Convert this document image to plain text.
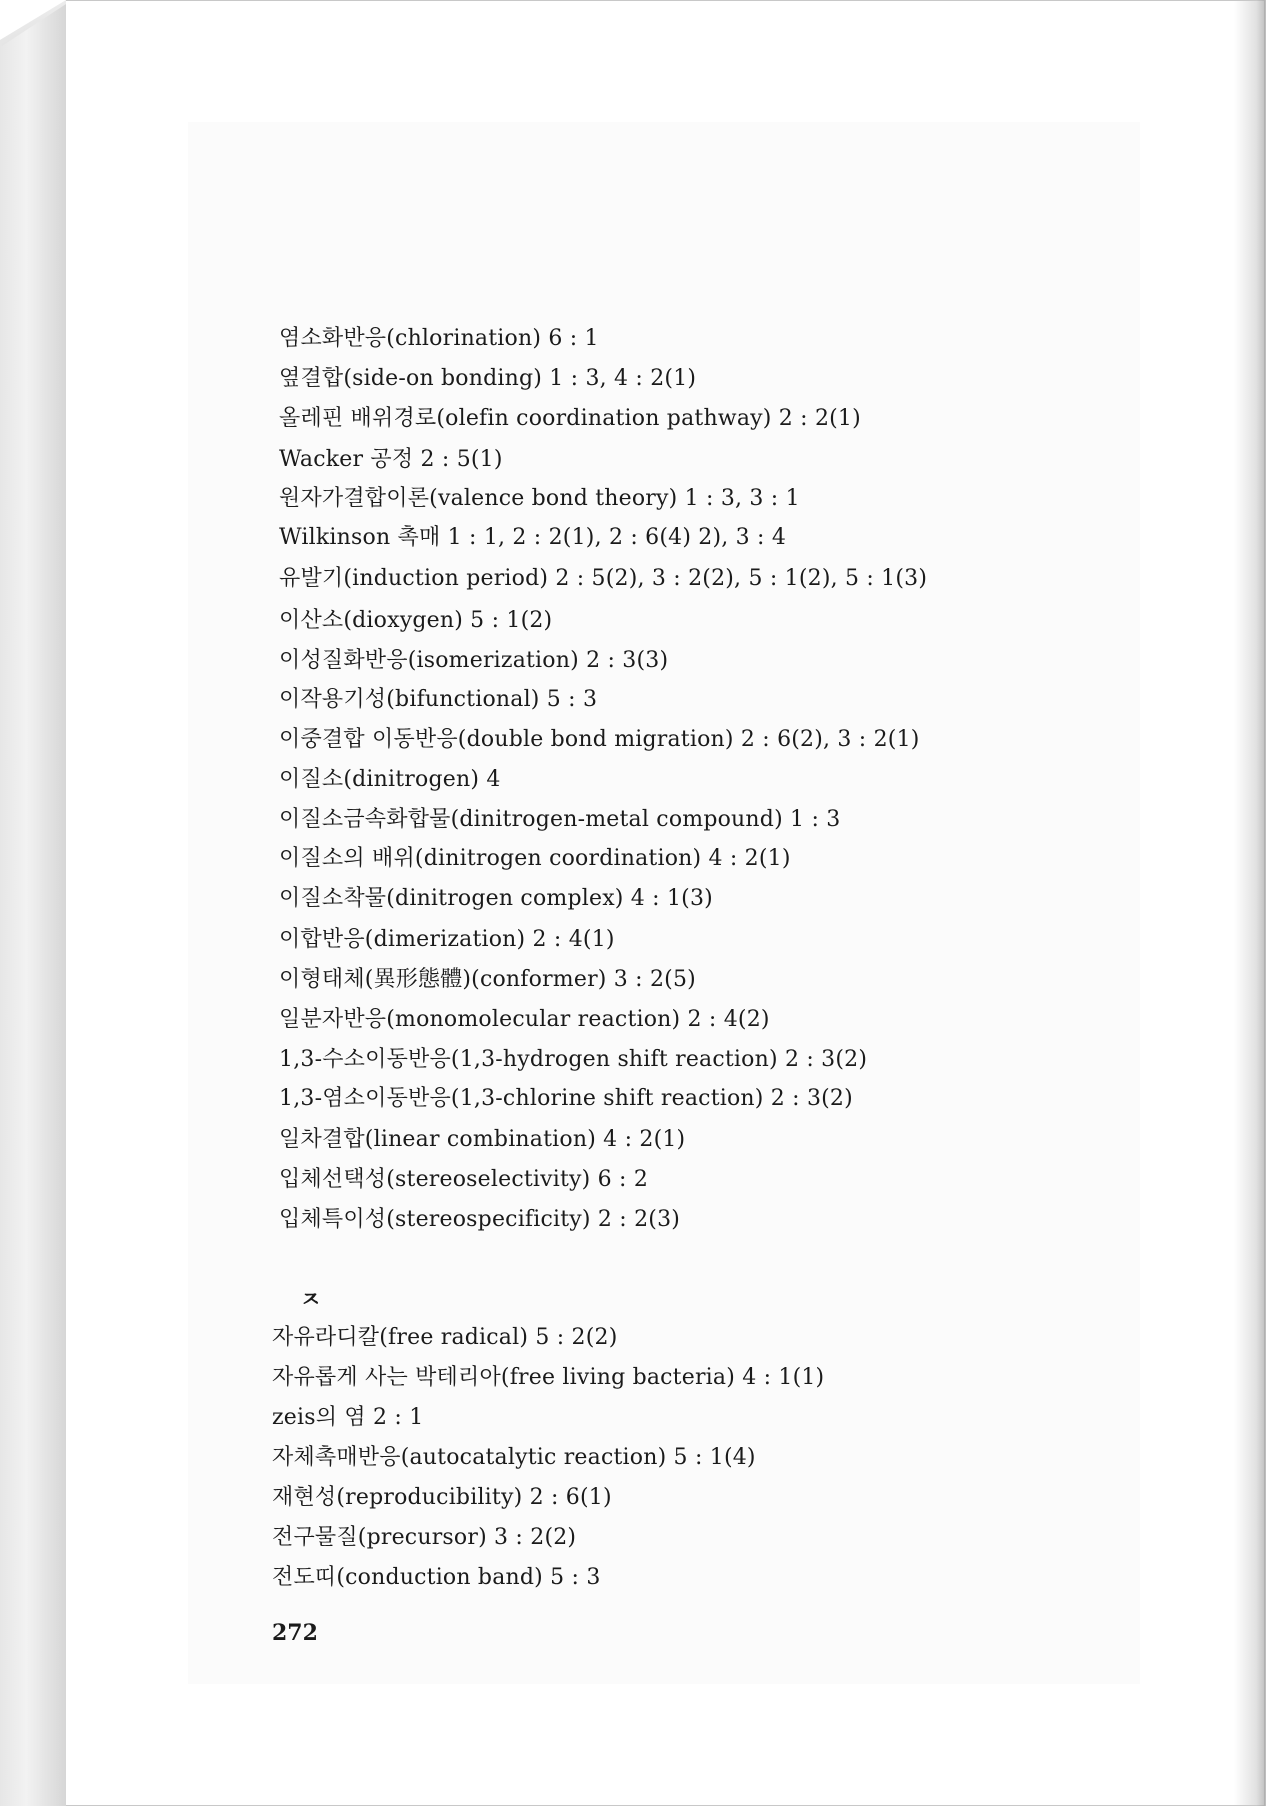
염소화반응(chlorination) 6 : 1
옆결합(side-on bonding) 1 : 3, 4 : 2(1)
올레핀 배위경로(olefin coordination pathway) 2 : 2(1)
Wacker 공정 2 : 5(1)
원자가결합이론(valence bond theory) 1 : 3, 3 : 1
Wilkinson 촉매 1 : 1, 2 : 2(1), 2 : 6(4) 2), 3 : 4
유발기(induction period) 2 : 5(2), 3 : 2(2), 5 : 1(2), 5 : 1(3)
이산소(dioxygen) 5 : 1(2)
이성질화반응(isomerization) 2 : 3(3)
이작용기성(bifunctional) 5 : 3
이중결합 이동반응(double bond migration) 2 : 6(2), 3 : 2(1)
이질소(dinitrogen) 4
이질소금속화합물(dinitrogen-metal compound) 1 : 3
이질소의 배위(dinitrogen coordination) 4 : 2(1)
이질소착물(dinitrogen complex) 4 : 1(3)
이합반응(dimerization) 2 : 4(1)
이형태체(異形態體)(conformer) 3 : 2(5)
일분자반응(monomolecular reaction) 2 : 4(2)
1,3-수소이동반응(1,3-hydrogen shift reaction) 2 : 3(2)
1,3-염소이동반응(1,3-chlorine shift reaction) 2 : 3(2)
일차결합(linear combination) 4 : 2(1)
입체선택성(stereoselectivity) 6 : 2
입체특이성(stereospecificity) 2 : 2(3)
ㅈ
자유라디칼(free radical) 5 : 2(2)
자유롭게 사는 박테리아(free living bacteria) 4 : 1(1)
zeis의 염 2 : 1
자체촉매반응(autocatalytic reaction) 5 : 1(4)
재현성(reproducibility) 2 : 6(1)
전구물질(precursor) 3 : 2(2)
전도띠(conduction band) 5 : 3
272
